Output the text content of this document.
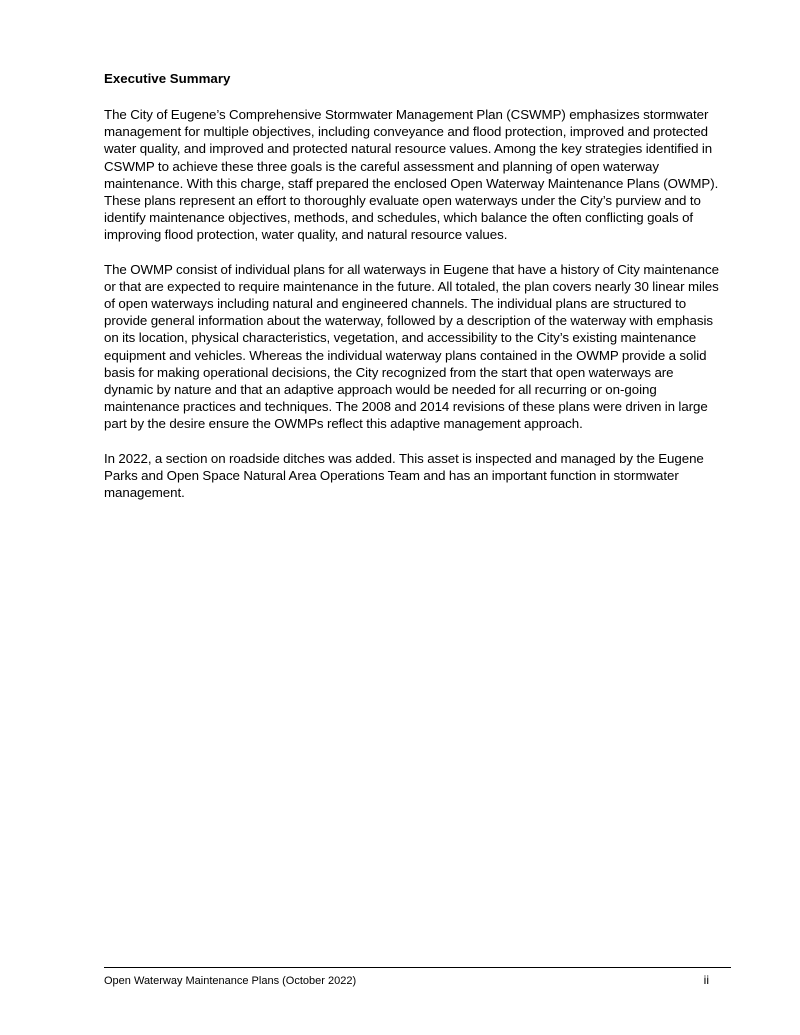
Executive Summary

The City of Eugene’s Comprehensive Stormwater Management Plan (CSWMP) emphasizes stormwater management for multiple objectives, including conveyance and flood protection, improved and protected water quality, and improved and protected natural resource values. Among the key strategies identified in CSWMP to achieve these three goals is the careful assessment and planning of open waterway maintenance. With this charge, staff prepared the enclosed Open Waterway Maintenance Plans (OWMP). These plans represent an effort to thoroughly evaluate open waterways under the City’s purview and to identify maintenance objectives, methods, and schedules, which balance the often conflicting goals of improving flood protection, water quality, and natural resource values.

The OWMP consist of individual plans for all waterways in Eugene that have a history of City maintenance or that are expected to require maintenance in the future. All totaled, the plan covers nearly 30 linear miles of open waterways including natural and engineered channels. The individual plans are structured to provide general information about the waterway, followed by a description of the waterway with emphasis on its location, physical characteristics, vegetation, and accessibility to the City’s existing maintenance equipment and vehicles. Whereas the individual waterway plans contained in the OWMP provide a solid basis for making operational decisions, the City recognized from the start that open waterways are dynamic by nature and that an adaptive approach would be needed for all recurring or on-going maintenance practices and techniques. The 2008 and 2014 revisions of these plans were driven in large part by the desire ensure the OWMPs reflect this adaptive management approach.

In 2022, a section on roadside ditches was added. This asset is inspected and managed by the Eugene Parks and Open Space Natural Area Operations Team and has an important function in stormwater management.

Open Waterway Maintenance Plans (October 2022)	ii
